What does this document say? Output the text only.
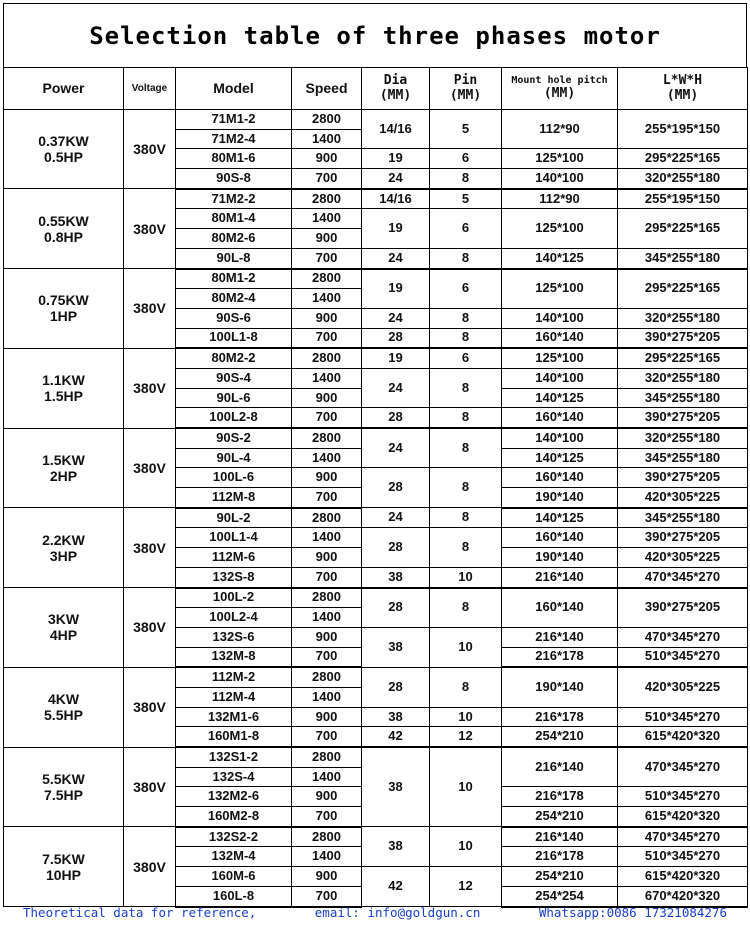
Selection table of three phases motor
Power	Voltage	Model	Speed	Dia
(MM)	Pin
(MM)	Mount hole pitch
(MM)	L*W*H
(MM)

0.37KW
0.5HP	380V	71M1-2	2800	14/16	5	112*90	255*195*150
		71M2-4	1400				
		80M1-6	900	19	6	125*100	295*225*165
		90S-8	700	24	8	140*100	320*255*180

0.55KW
0.8HP	380V	71M2-2	2800	14/16	5	112*90	255*195*150
		80M1-4	1400	19	6	125*100	295*225*165
		80M2-6	900				
		90L-8	700	24	8	140*125	345*255*180

0.75KW
1HP	380V	80M1-2	2800	19	6	125*100	295*225*165
		80M2-4	1400				
		90S-6	900	24	8	140*100	320*255*180
		100L1-8	700	28	8	160*140	390*275*205

1.1KW
1.5HP	380V	80M2-2	2800	19	6	125*100	295*225*165
		90S-4	1400	24	8	140*100	320*255*180
		90L-6	900			140*125	345*255*180
		100L2-8	700	28	8	160*140	390*275*205

1.5KW
2HP	380V	90S-2	2800	24	8	140*100	320*255*180
		90L-4	1400			140*125	345*255*180
		100L-6	900	28	8	160*140	390*275*205
		112M-8	700			190*140	420*305*225

2.2KW
3HP	380V	90L-2	2800	24	8	140*125	345*255*180
		100L1-4	1400	28	8	160*140	390*275*205
		112M-6	900			190*140	420*305*225
		132S-8	700	38	10	216*140	470*345*270

3KW
4HP	380V	100L-2	2800	28	8	160*140	390*275*205
		100L2-4	1400				
		132S-6	900	38	10	216*140	470*345*270
		132M-8	700			216*178	510*345*270

4KW
5.5HP	380V	112M-2	2800	28	8	190*140	420*305*225
		112M-4	1400				
		132M1-6	900	38	10	216*178	510*345*270
		160M1-8	700	42	12	254*210	615*420*320

5.5KW
7.5HP	380V	132S1-2	2800	38	10	216*140	470*345*270
		132S-4	1400				
		132M2-6	900			216*178	510*345*270
		160M2-8	700			254*210	615*420*320

7.5KW
10HP	380V	132S2-2	2800	38	10	216*140	470*345*270
		132M-4	1400			216*178	510*345*270
		160M-6	900	42	12	254*210	615*420*320
		160L-8	700			254*254	670*420*320
Theoretical data for reference,	email: info@goldgun.cn	Whatsapp:0086 17321084276
